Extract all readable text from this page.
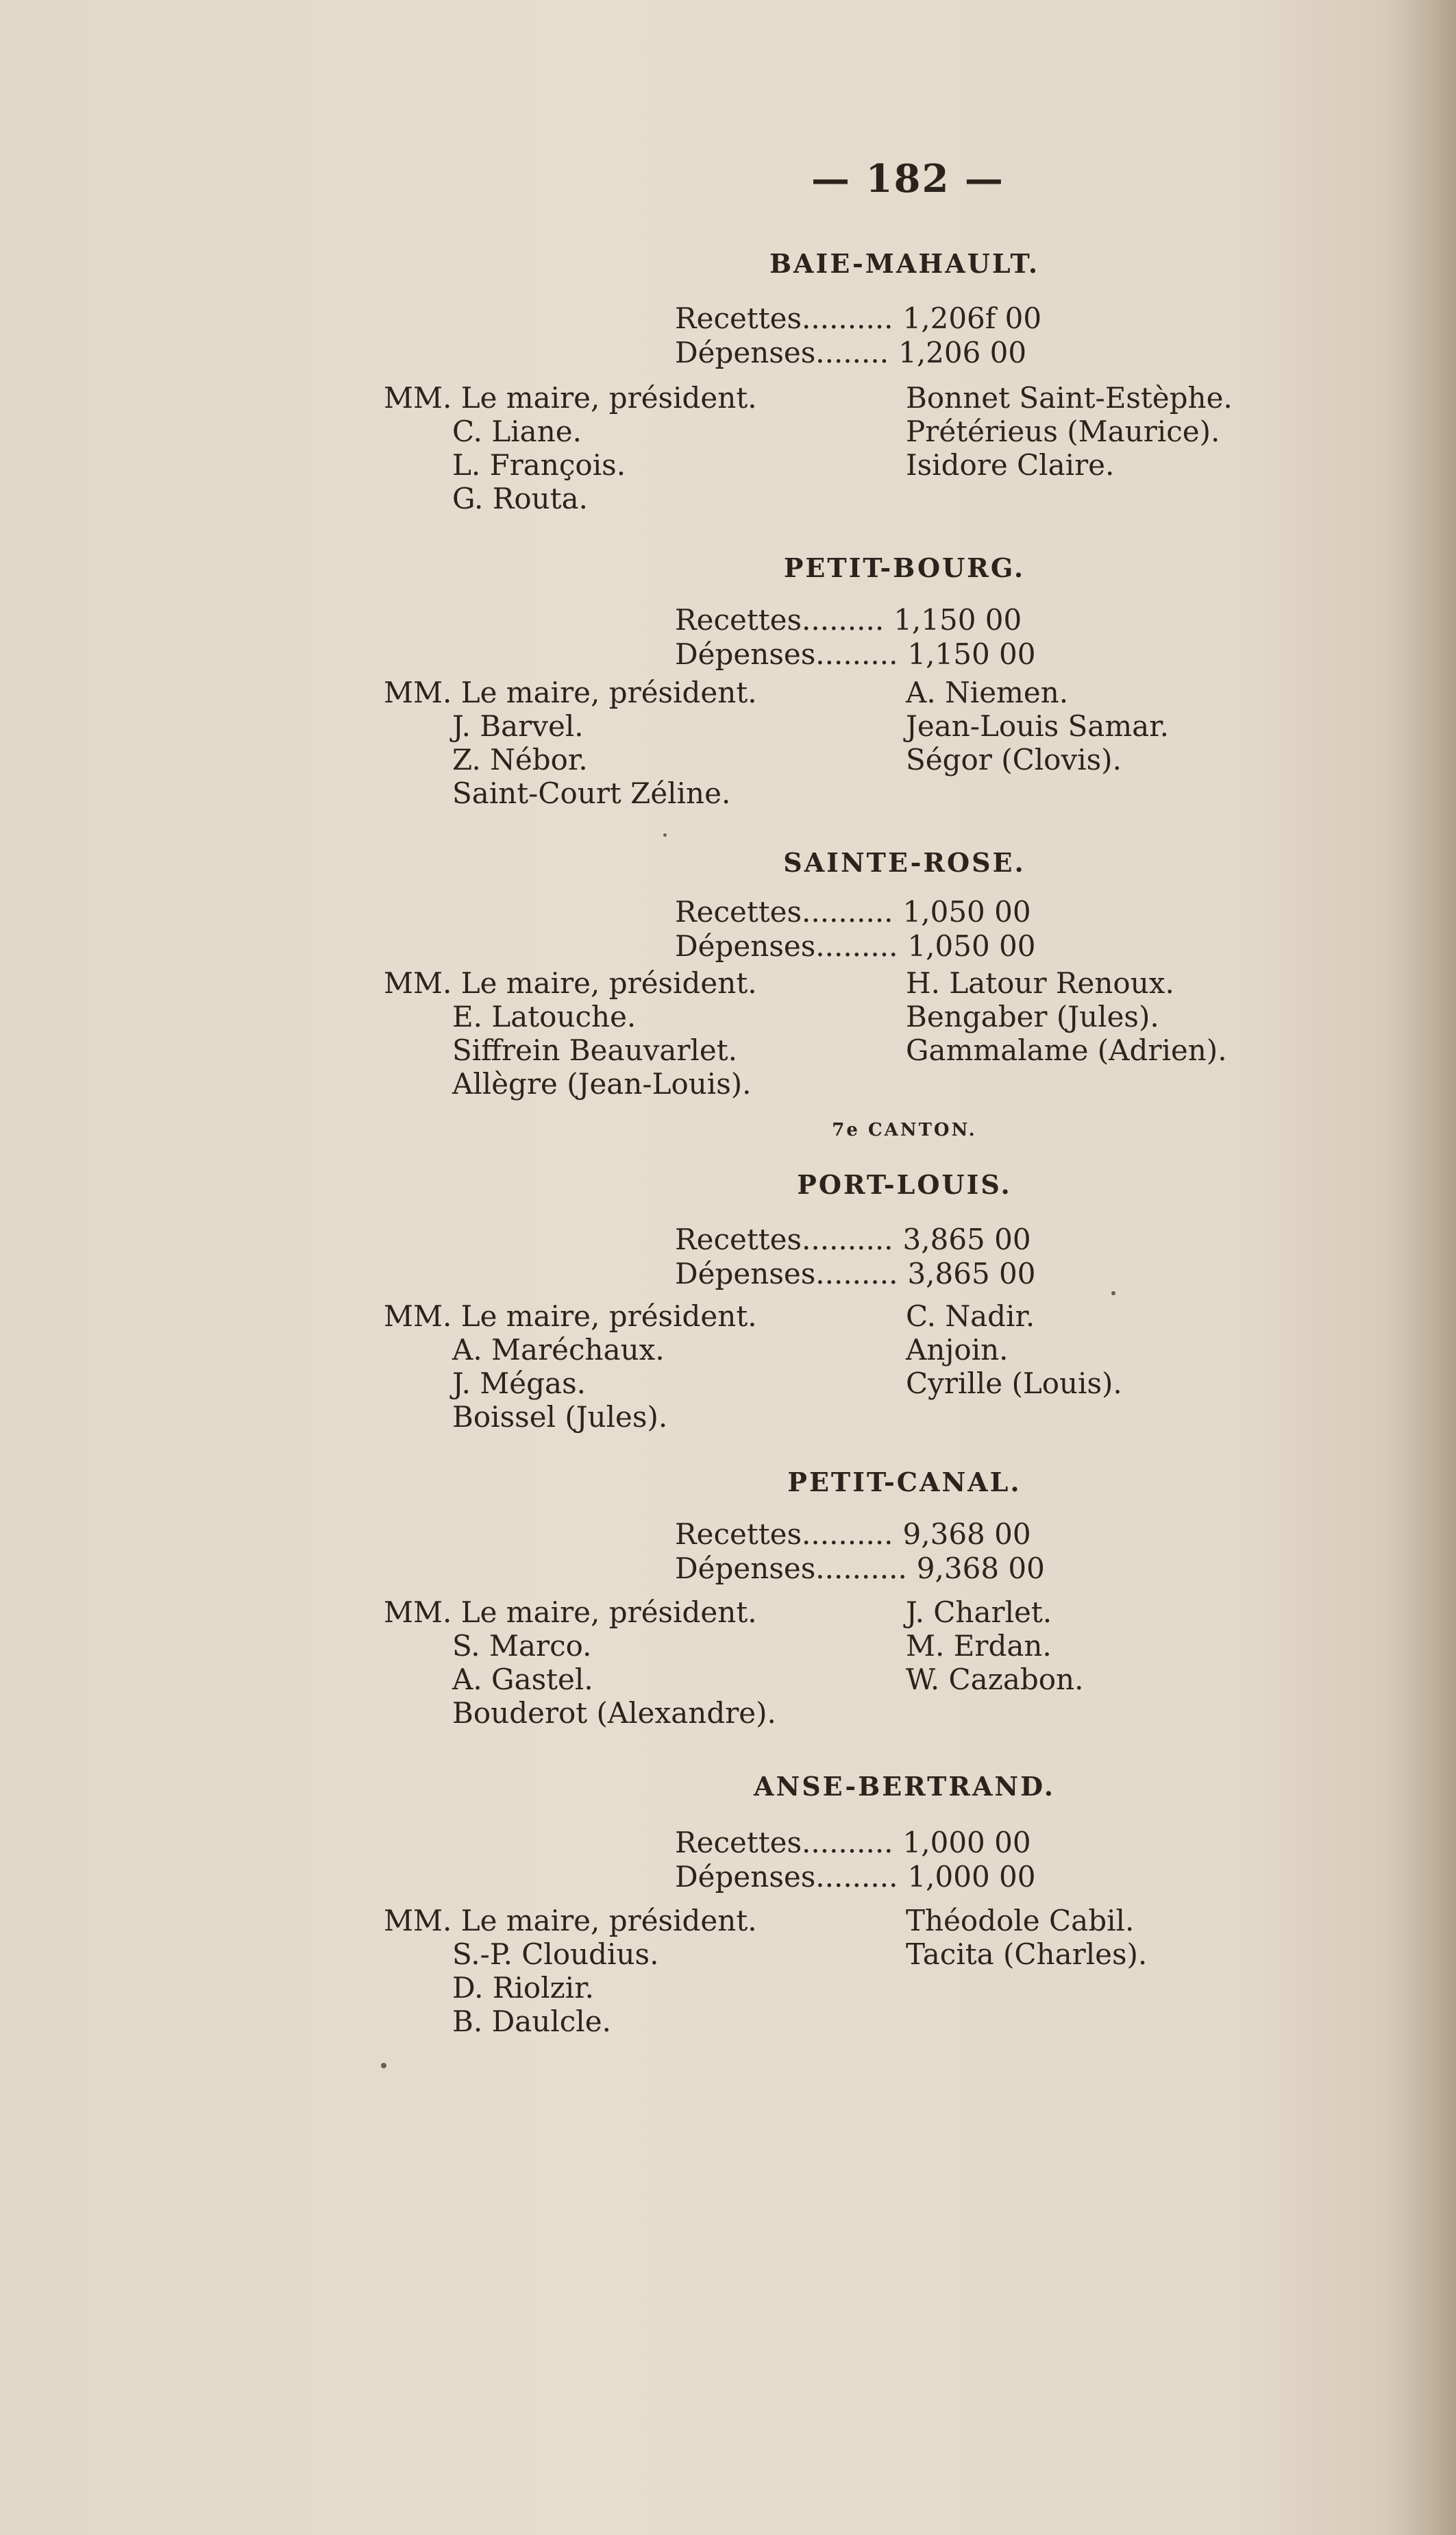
— 182 —
BAIE-MAHAULT.
Recettes.......... 1,206f 00
Dépenses........ 1,206 00
MM. Le maire, président.
C. Liane.
L. François.
G. Routa.
Bonnet Saint-Estèphe.
Prétérieus (Maurice).
Isidore Claire.
PETIT-BOURG.
Recettes......... 1,150 00
Dépenses......... 1,150 00
MM. Le maire, président.
J. Barvel.
Z. Nébor.
Saint-Court Zéline.
A. Niemen.
Jean-Louis Samar.
Ségor (Clovis).
SAINTE-ROSE.
Recettes.......... 1,050 00
Dépenses......... 1,050 00
MM. Le maire, président.
E. Latouche.
Siffrein Beauvarlet.
Allègre (Jean-Louis).
H. Latour Renoux.
Bengaber (Jules).
Gammalame (Adrien).
7e CANTON.
PORT-LOUIS.
Recettes.......... 3,865 00
Dépenses......... 3,865 00
MM. Le maire, président.
A. Maréchaux.
J. Mégas.
Boissel (Jules).
C. Nadir.
Anjoin.
Cyrille (Louis).
PETIT-CANAL.
Recettes.......... 9,368 00
Dépenses.......... 9,368 00
MM. Le maire, président.
S. Marco.
A. Gastel.
Bouderot (Alexandre).
J. Charlet.
M. Erdan.
W. Cazabon.
ANSE-BERTRAND.
Recettes.......... 1,000 00
Dépenses......... 1,000 00
MM. Le maire, président.
S.-P. Cloudius.
D. Riolzir.
B. Daulcle.
Théodole Cabil.
Tacita (Charles).
